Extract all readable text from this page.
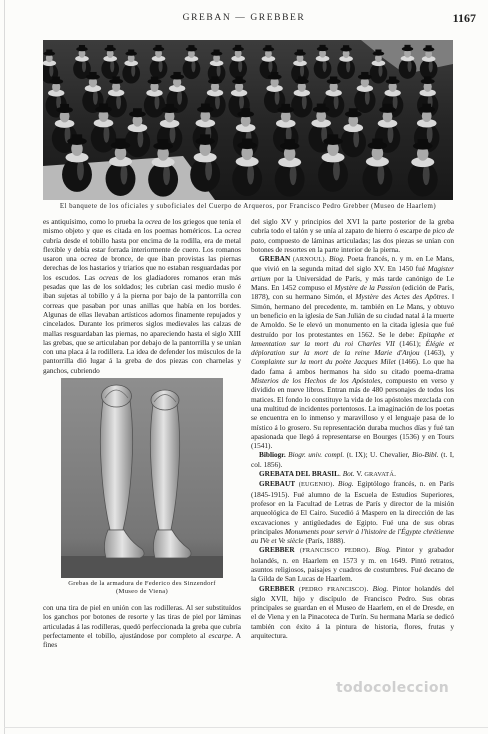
GREBAN — GREBBER	1167
El banquete de los oficiales y suboficiales del Cuerpo de Arqueros, por Francisco Pedro Grebber (Museo de Haarlem)

es antiquísimo, como lo prueba la ocrea de los griegos que tenía el mismo objeto y que es citada en los poemas homéricos. La ocrea cubría desde el tobillo hasta por encima de la rodilla, era de metal flexible y debía estar forrada interiormente de cuero. Los romanos usaron una ocrea de bronce, de que iban provistas las piernas derechas de los hastarios y triarios que no estaban resguardadas por los escudos. Las ocreas de los gladiadores romanos eran más pesadas que las de los soldados; les cubrían casi medio muslo é iban sujetas al tobillo y á la pierna por bajo de la pantorrilla con correas que pasaban por unas anillas que había en los bordes. Algunas de ellas llevaban artísticos adornos finamente repujados y cincelados. Durante los primeros siglos medievales las calzas de mallas resguardaban las piernas, no apareciendo hasta el siglo XIII las grebas, que se articulaban por debajo de la pantorrilla y se unían con una placa á la rodillera. La idea de defender los músculos de la pantorrilla dió lugar á la greba de dos piezas con charnelas y ganchos, cubriendo

Grebas de la armadura de Federico des Sinzendorf
(Museo de Viena)

con una tira de piel en unión con las rodilleras. Al ser substituídos los ganchos por botones de resorte y las tiras de piel por láminas articuladas á las rodilleras, quedó perfeccionada la greba que cubría perfectamente el tobillo, ajustándose por completo al escarpe. A fines

del siglo XV y principios del XVI la parte posterior de la greba cubría todo el talón y se unía al zapato de hierro ó escarpe de pico de pato, compuesto de láminas articuladas; las dos piezas se unían con botones de resortes en la parte interior de la pierna.

GREBAN (ARNOUL). Biog. Poeta francés, n. y m. en Le Mans, que vivió en la segunda mitad del siglo XV. En 1450 fué Magister artium por la Universidad de París, y más tarde canónigo de Le Mans. En 1452 compuso el Mystère de la Passion (edición de París, 1878), con su hermano Simón, el Mystère des Actes des Apôtres. ‖ Simón, hermano del precedente, m. también en Le Mans, y obtuvo un beneficio en la iglesia de San Julián de su ciudad natal á la muerte de Arnoldo. Se le elevó un monumento en la citada iglesia que fué destruído por los protestantes en 1562. Se le debe: Epitaphe et lamentation sur la mort du roi Charles VII (1461); Élégie et déploration sur la mort de la reine Marie d'Anjou (1463), y Complainte sur la mort du poète Jacques Milet (1466). Lo que ha dado fama á ambos hermanos ha sido su citado poema-drama Misterios de los Hechos de los Apóstoles, compuesto en verso y dividido en nueve libros. Entran más de 480 personajes de todos los matices. El fondo lo constituye la vida de los apóstoles mezclada con una multitud de incidentes portentosos. La imaginación de los poetas se encuentra en lo inmenso y maravilloso y el lenguaje pasa de lo místico á lo grosero. Su representación duraba muchos días y fué tan apasionada que llegó á representarse en Bourges (1536) y en Tours (1541).

Bibliogr. Biogr. univ. compl. (t. IX); U. Chevalier, Bio-Bibl. (t. I, col. 1856).

GREBATA DEL BRASIL. Bot. V. GRAVATÁ.

GREBAUT (EUGENIO). Biog. Egiptólogo francés, n. en París (1845-1915). Fué alumno de la Escuela de Estudios Superiores, profesor en la Facultad de Letras de París y director de la misión arqueológica de El Cairo. Sucedió á Maspero en la dirección de las excavaciones y antigüedades de Egipto. Fué una de sus obras principales Monuments pour servir à l'histoire de l'Égypte chrétienne au IVe et Ve siècle (París, 1888).

GREBBER (FRANCISCO PEDRO). Biog. Pintor y grabador holandés, n. en Haarlem en 1573 y m. en 1649. Pintó retratos, asuntos religiosos, paisajes y cuadros de costumbres. Fué decano de la Gilda de San Lucas de Haarlem.

GREBBER (PEDRO FRANCISCO). Biog. Pintor holandés del siglo XVII, hijo y discípulo de Francisco Pedro. Sus obras principales se guardan en el Museo de Haarlem, en el de Dresde, en el de Viena y en la Pinacoteca de Turín. Su hermana María se dedicó también con éxito á la pintura de historia, flores, frutas y arquitectura.

todocoleccion
